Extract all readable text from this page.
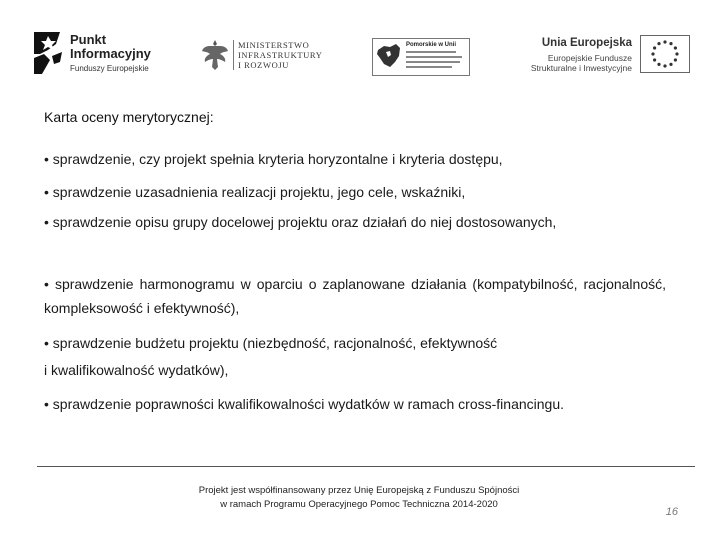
Punkt
Informacyjny
Funduszy Europejskie
MINISTERSTWO
INFRASTRUKTURY
I ROZWOJU
Pomorskie w Unii	Unia Europejska
Europejskie Fundusze
Strukturalne i Inwestycyjne
Karta oceny merytorycznej:
• sprawdzenie, czy projekt spełnia kryteria horyzontalne i kryteria dostępu,
• sprawdzenie uzasadnienia realizacji projektu, jego cele, wskaźniki,
• sprawdzenie opisu grupy docelowej projektu oraz działań do niej dostosowanych,
• sprawdzenie harmonogramu w oparciu o zaplanowane działania (kompatybilność, racjonalność, kompleksowość i efektywność),
• sprawdzenie budżetu projektu (niezbędność, racjonalność, efektywność
i kwalifikowalność wydatków),
• sprawdzenie poprawności kwalifikowalności wydatków w ramach cross-financingu.
Projekt jest współfinansowany przez Unię Europejską z Funduszu Spójności
w ramach Programu Operacyjnego Pomoc Techniczna 2014-2020
16
